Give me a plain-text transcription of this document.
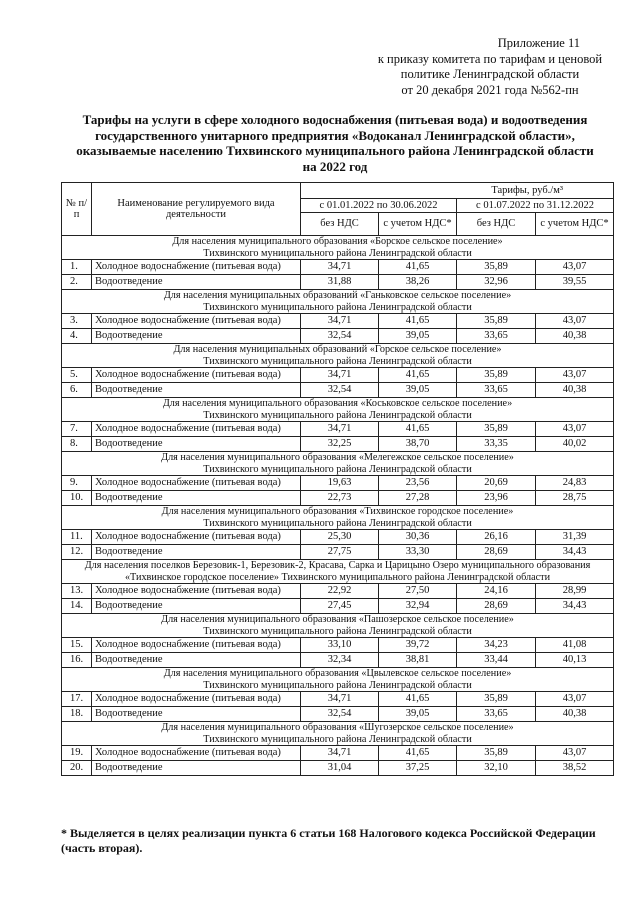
Приложение 11
к приказу комитета по тарифам и ценовой
политике Ленинградской области
от 20 декабря 2021 года №562-пн
Тарифы на услуги в сфере холодного водоснабжения (питьевая вода) и водоотведения
государственного унитарного предприятия «Водоканал Ленинградской области»,
оказываемые населению Тихвинского муниципального района Ленинградской области
на 2022 год
№ п/п	Наименование регулируемого вида деятельности	Тарифы, руб./м³			
		с 01.01.2022 по 30.06.2022		с 01.07.2022 по 31.12.2022	
		без НДС	с учетом НДС*	без НДС	с учетом НДС*

Для населения муниципального образования «Борское сельское поселение»
Тихвинского муниципального района Ленинградской области					

1.	Холодное водоснабжение (питьевая вода)	34,71	41,65	35,89	43,07
2.	Водоотведение	31,88	38,26	32,96	39,55

Для населения муниципальных образований «Ганьковское сельское поселение»
Тихвинского муниципального района Ленинградской области					

3.	Холодное водоснабжение (питьевая вода)	34,71	41,65	35,89	43,07
4.	Водоотведение	32,54	39,05	33,65	40,38

Для населения муниципальных образований «Горское сельское поселение»
Тихвинского муниципального района Ленинградской области					

5.	Холодное водоснабжение (питьевая вода)	34,71	41,65	35,89	43,07
6.	Водоотведение	32,54	39,05	33,65	40,38

Для населения муниципального образования «Коськовское сельское поселение»
Тихвинского муниципального района Ленинградской области					

7.	Холодное водоснабжение (питьевая вода)	34,71	41,65	35,89	43,07
8.	Водоотведение	32,25	38,70	33,35	40,02

Для населения муниципального образования «Мелегежское сельское поселение»
Тихвинского муниципального района Ленинградской области					

9.	Холодное водоснабжение (питьевая вода)	19,63	23,56	20,69	24,83
10.	Водоотведение	22,73	27,28	23,96	28,75

Для населения муниципального образования «Тихвинское городское поселение»
Тихвинского муниципального района Ленинградской области					

11.	Холодное водоснабжение (питьевая вода)	25,30	30,36	26,16	31,39
12.	Водоотведение	27,75	33,30	28,69	34,43

Для населения поселков Березовик-1, Березовик-2, Красава, Сарка и Царицыно Озеро муниципального образования
«Тихвинское городское поселение» Тихвинского муниципального района Ленинградской области					

13.	Холодное водоснабжение (питьевая вода)	22,92	27,50	24,16	28,99
14.	Водоотведение	27,45	32,94	28,69	34,43

Для населения муниципального образования «Пашозерское сельское поселение»
Тихвинского муниципального района Ленинградской области					

15.	Холодное водоснабжение (питьевая вода)	33,10	39,72	34,23	41,08
16.	Водоотведение	32,34	38,81	33,44	40,13

Для населения муниципального образования «Цвылевское сельское поселение»
Тихвинского муниципального района Ленинградской области					

17.	Холодное водоснабжение (питьевая вода)	34,71	41,65	35,89	43,07
18.	Водоотведение	32,54	39,05	33,65	40,38

Для населения муниципального образования «Шугозерское сельское поселение»
Тихвинского муниципального района Ленинградской области					

19.	Холодное водоснабжение (питьевая вода)	34,71	41,65	35,89	43,07
20.	Водоотведение	31,04	37,25	32,10	38,52
* Выделяется в целях реализации пункта 6 статьи 168 Налогового кодекса Российской Федерации (часть вторая).
